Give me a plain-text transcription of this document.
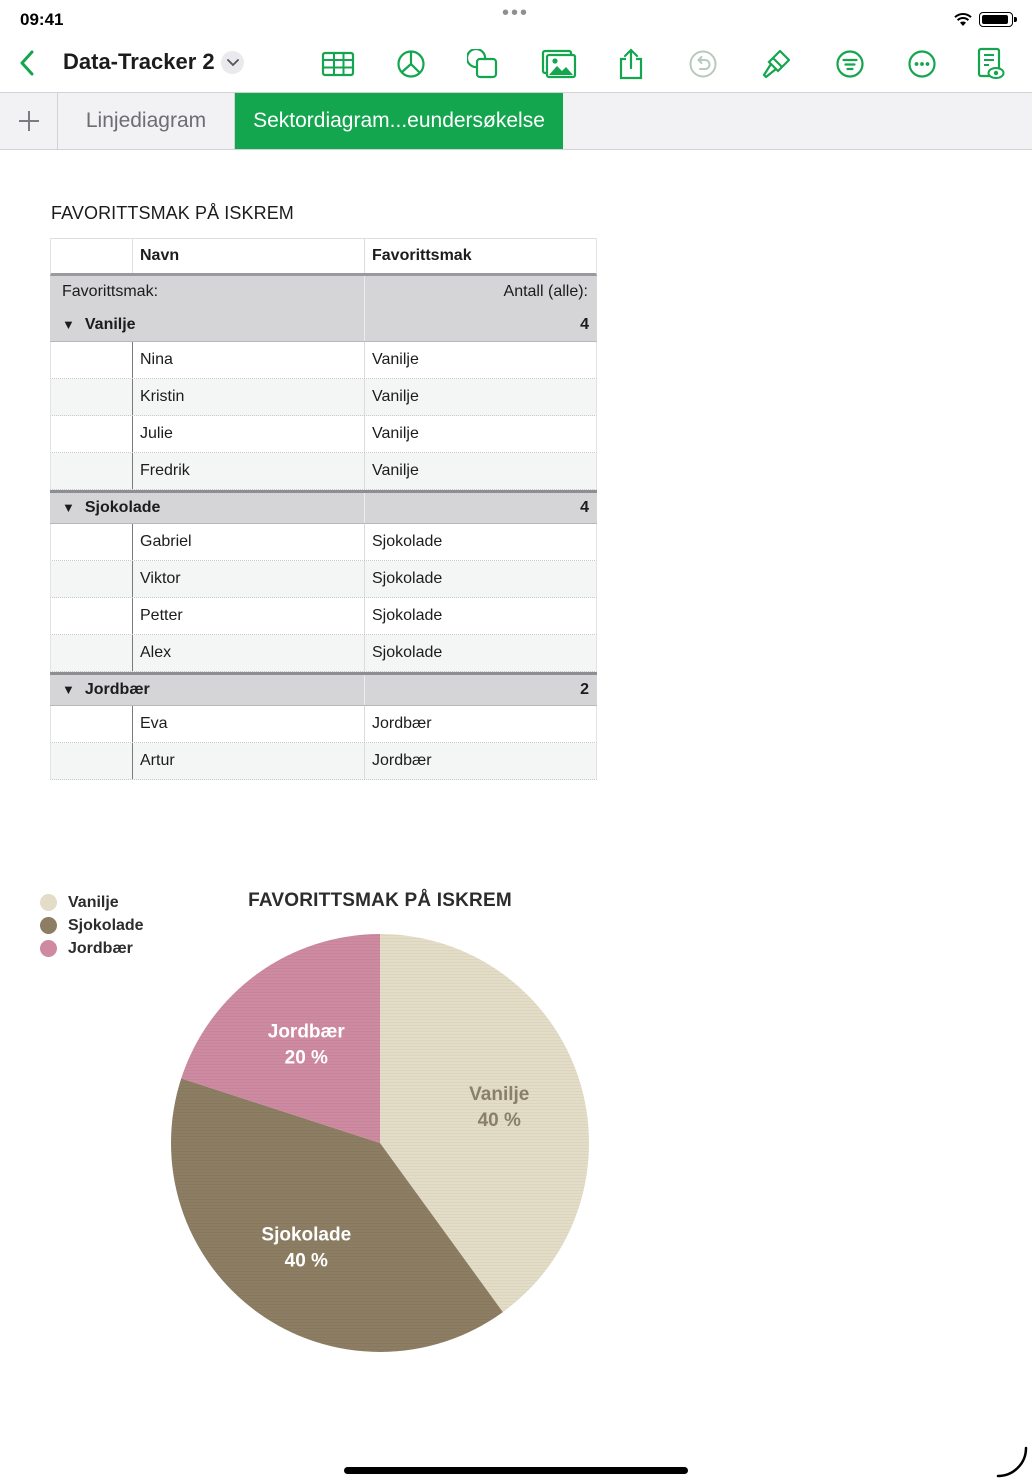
09:41	•••
Data-Tracker 2
Linjediagram	Sektordiagram...eundersøkelse
FAVORITTSMAK PÅ ISKREM
Navn	Favorittsmak
Favorittsmak:	Antall (alle):
▼ Vanilje	4
Nina	Vanilje
Kristin	Vanilje
Julie	Vanilje
Fredrik	Vanilje
▼ Sjokolade	4
Gabriel	Sjokolade
Viktor	Sjokolade
Petter	Sjokolade
Alex	Sjokolade
▼ Jordbær	2
Eva	Jordbær
Artur	Jordbær
Vanilje
Sjokolade
Jordbær
FAVORITTSMAK PÅ ISKREM
Vanilje
40 %
Sjokolade
40 %
Jordbær
20 %
